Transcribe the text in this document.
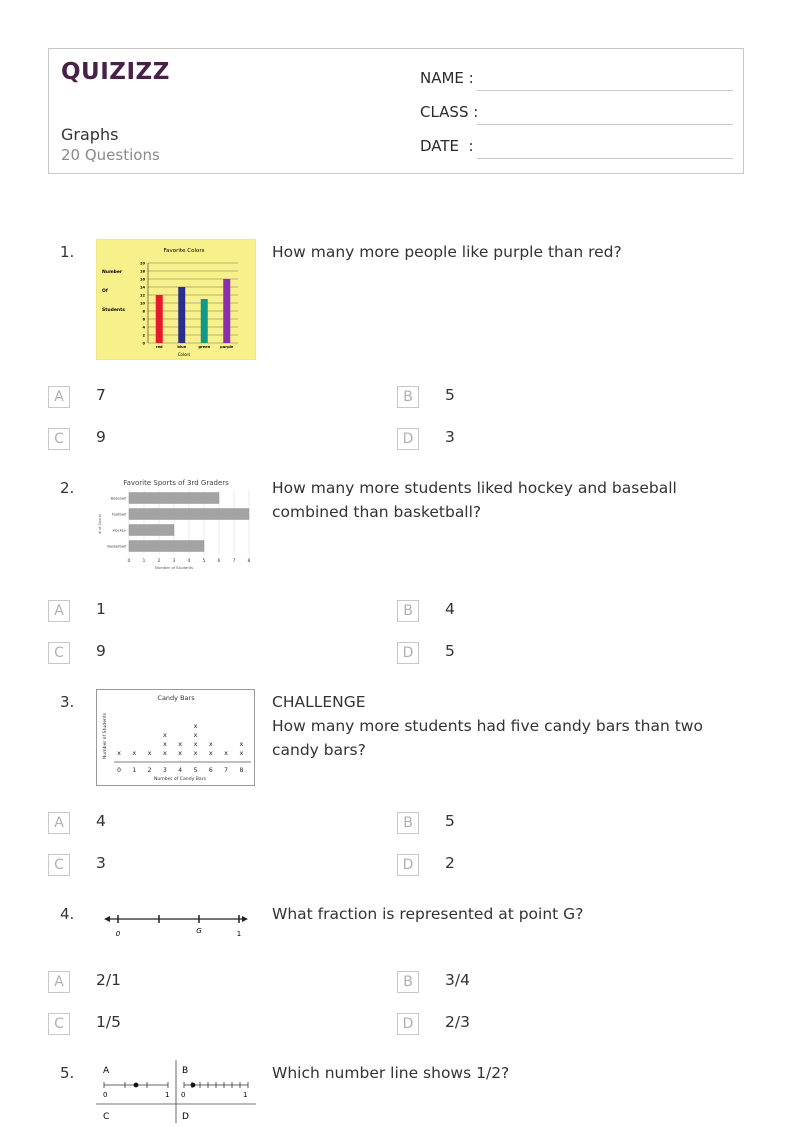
QUIZIZZ
Graphs
20 Questions
NAME :
CLASS :
DATE  :
1.	Favorite Colors
Number
Of
Students
0
2
4
6
8
10
12
14
16
18
20
red	blue	green	purple
Colors
How many more people like purple than red?
A	7	B	5
C	9	D	3
2.	Favorite Sports of 3rd Graders
# of Sports
0	1	2	3	4	5	6	7	8
Baseball
Football
Hockey
Basketball
Number of Students
How many more students liked hockey and baseball combined than basketball?
A	1	B	4
C	9	D	5
3.	Candy Bars
Number of Students x x x x
x
x
x
x
x
x
x
x
x
x
x x
x
0 1 2 3 4 5 6 7 8
Number of Candy Bars
CHALLENGE
How many more students had five candy bars than two candy bars?
A	4	B	5
C	3	D	2
4.
0	G	1
What fraction is represented at point G?
A	2/1	B	3/4
C	1/5	D	2/3
5.	A	B
C	D
0	1 0	1
Which number line shows 1/2?
